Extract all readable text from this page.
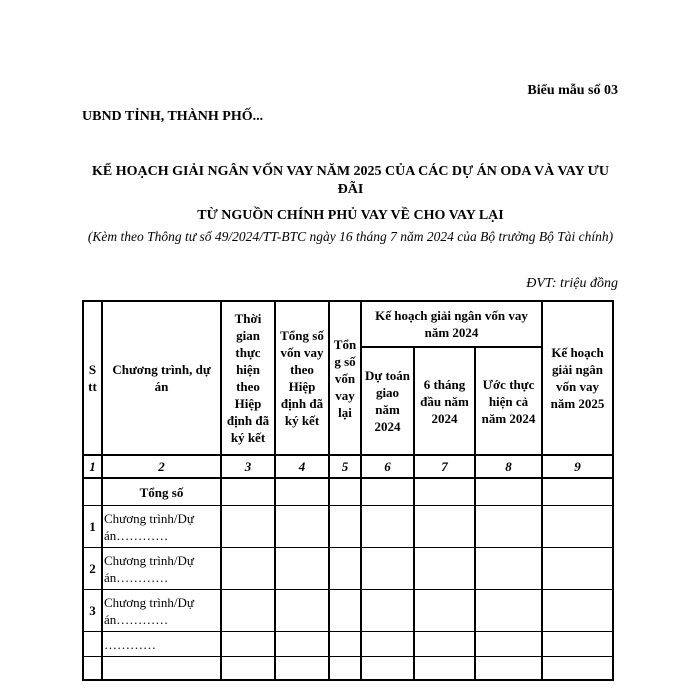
Biểu mẫu số 03
UBND TỈNH, THÀNH PHỐ...
KẾ HOẠCH GIẢI NGÂN VỐN VAY NĂM 2025 CỦA CÁC DỰ ÁN ODA VÀ VAY ƯU ĐÃI
TỪ NGUỒN CHÍNH PHỦ VAY VỀ CHO VAY LẠI
(Kèm theo Thông tư số 49/2024/TT-BTC ngày 16 tháng 7 năm 2024 của Bộ trưởng Bộ Tài chính)
ĐVT: triệu đồng
S tt	Chương trình, dự án	Thời gian thực hiện theo Hiệp định đã ký kết	Tổng số vốn vay theo Hiệp định đã ký kết	Tổn g số vốn vay lại	Kế hoạch giải ngân vốn vay năm 2024			Kế hoạch giải ngân vốn vay năm 2025
					Dự toán giao năm 2024	6 tháng đầu năm 2024	Ước thực hiện cả năm 2024	
1	2	3	4	5	6	7	8	9
	Tổng số							
1	Chương trình/Dự án…………							
2	Chương trình/Dự án…………							
3	Chương trình/Dự án…………							
	…………							
